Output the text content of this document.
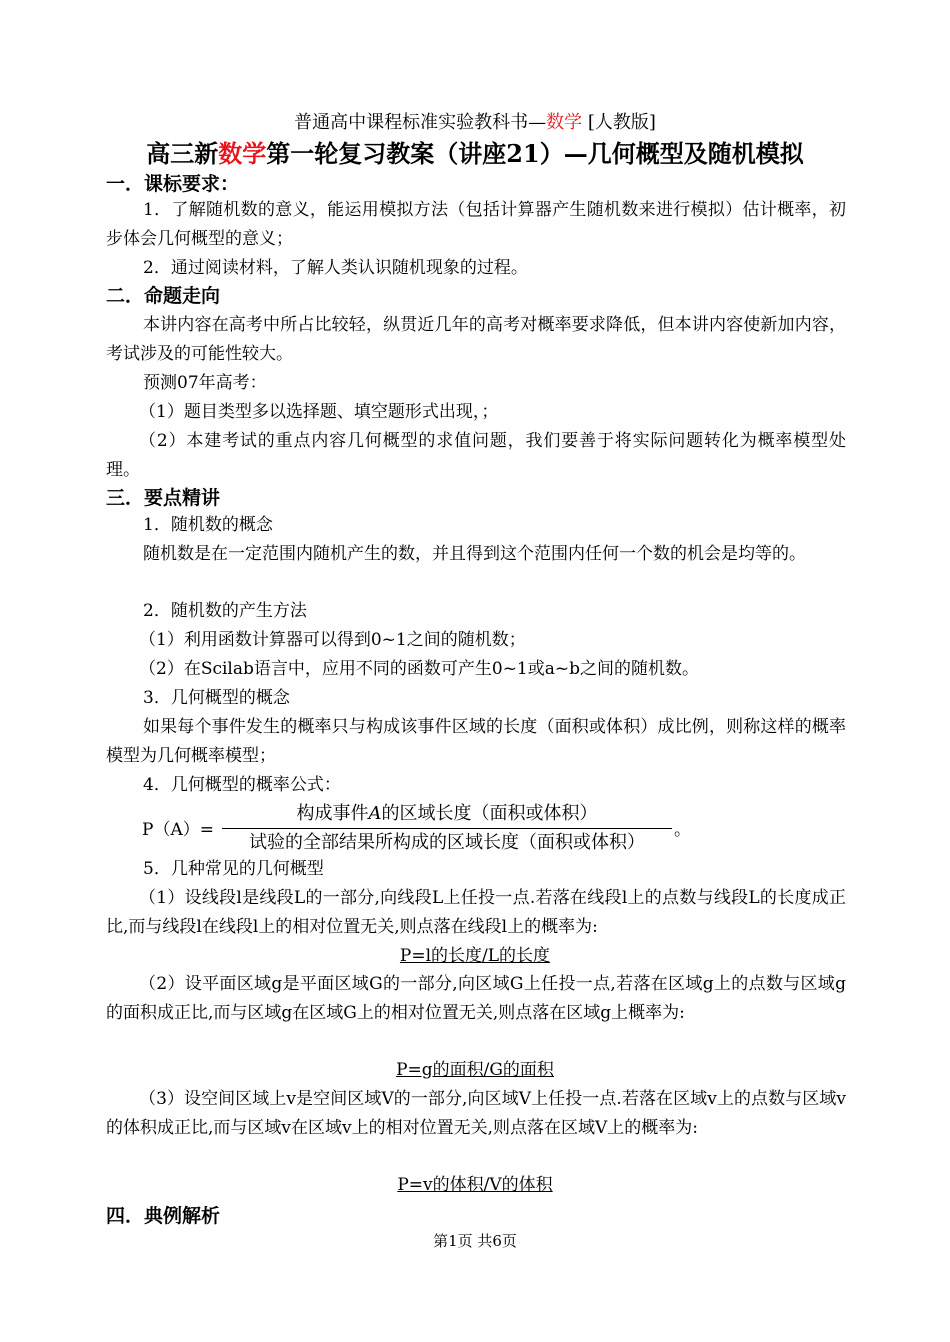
普通高中课程标准实验教科书—数学 [人教版]
高三新数学第一轮复习教案（讲座21）—几何概型及随机模拟
一．课标要求：
1．了解随机数的意义，能运用模拟方法（包括计算器产生随机数来进行模拟）估计概率，初步体会几何概型的意义；
2．通过阅读材料，了解人类认识随机现象的过程。
二．命题走向
本讲内容在高考中所占比较轻，纵贯近几年的高考对概率要求降低，但本讲内容使新加内容，考试涉及的可能性较大。
预测07年高考：
（1）题目类型多以选择题、填空题形式出现，；
（2）本建考试的重点内容几何概型的求值问题，我们要善于将实际问题转化为概率模型处理。
三．要点精讲
1．随机数的概念
随机数是在一定范围内随机产生的数，并且得到这个范围内任何一个数的机会是均等的。
2．随机数的产生方法
（1）利用函数计算器可以得到0~1之间的随机数；
（2）在Scilab语言中，应用不同的函数可产生0~1或a~b之间的随机数。
3．几何概型的概念
如果每个事件发生的概率只与构成该事件区域的长度（面积或体积）成比例，则称这样的概率模型为几何概率模型；
4．几何概型的概率公式：
P（A）=
构成事件A的区域长度（面积或体积）
试验的全部结果所构成的区域长度（面积或体积）
。
5．几种常见的几何概型
（1）设线段l是线段L的一部分,向线段L上任投一点.若落在线段l上的点数与线段L的长度成正比,而与线段l在线段l上的相对位置无关,则点落在线段l上的概率为:
P=l的长度/L的长度
（2）设平面区域g是平面区域G的一部分,向区域G上任投一点,若落在区域g上的点数与区域g的面积成正比,而与区域g在区域G上的相对位置无关,则点落在区域g上概率为:
P=g的面积/G的面积
（3）设空间区域上v是空间区域V的一部分,向区域V上任投一点.若落在区域v上的点数与区域v的体积成正比,而与区域v在区域v上的相对位置无关,则点落在区域V上的概率为:
P=v的体积/V的体积
四．典例解析
第1页 共6页
